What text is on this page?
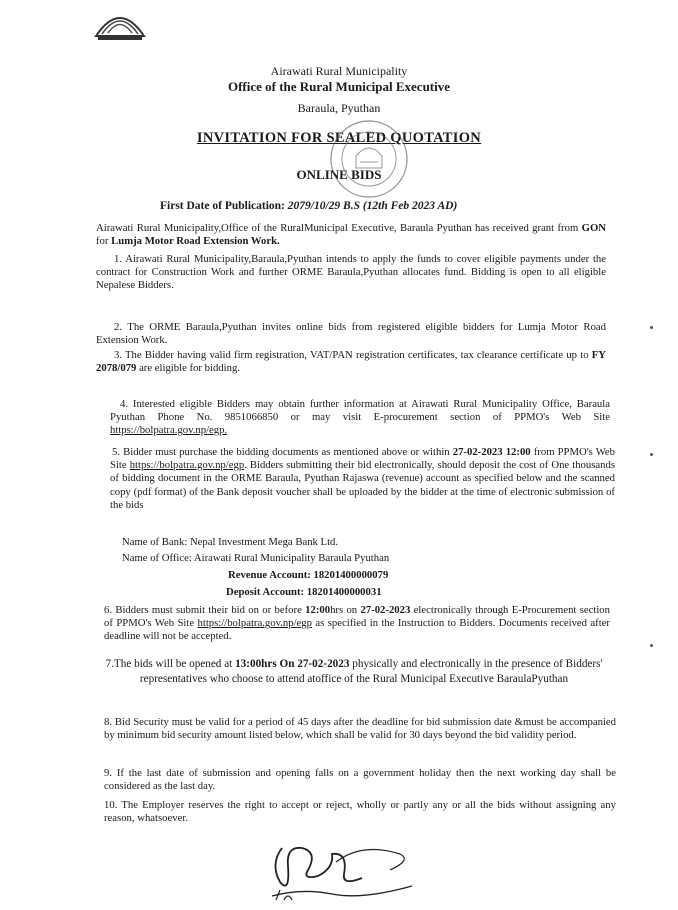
Airawati Rural Municipality
Office of the Rural Municipal Executive
Baraula, Pyuthan
INVITATION FOR SEALED QUOTATION
ONLINE BIDS
First Date of Publication: 2079/10/29 B.S (12th Feb 2023 AD)
Airawati Rural Municipality,Office of the RuralMunicipal Executive, Baraula Pyuthan has received grant from GON for Lumja Motor Road Extension Work.
1. Airawati Rural Municipality,Baraula,Pyuthan intends to apply the funds to cover eligible payments under the contract for Construction Work and further ORME Baraula,Pyuthan allocates fund. Bidding is open to all eligible Nepalese Bidders.
2. The ORME Baraula,Pyuthan invites online bids from registered eligible bidders for Lumja Motor Road Extension Work.
3. The Bidder having valid firm registration, VAT/PAN registration certificates, tax clearance certificate up to FY 2078/079 are eligible for bidding.
4. Interested eligible Bidders may obtain further information at Airawati Rural Municipality Office, Baraula Pyuthan Phone No. 9851066850 or may visit E-procurement section of PPMO's Web Site https://bolpatra.gov.np/egp.
5. Bidder must purchase the bidding documents as mentioned above or within 27-02-2023 12:00 from PPMO's Web Site https://bolpatra.gov.np/egp. Bidders submitting their bid electronically, should deposit the cost of One thousands of bidding document in the ORME Baraula, Pyuthan Rajaswa (revenue) account as specified below and the scanned copy (pdf format) of the Bank deposit voucher shall be uploaded by the bidder at the time of electronic submission of the bids
Name of Bank: Nepal Investment Mega Bank Ltd.
Name of Office: Airawati Rural Municipality Baraula Pyuthan
Revenue Account: 18201400000079
Deposit Account: 18201400000031
6. Bidders must submit their bid on or before 12:00hrs on 27-02-2023 electronically through E-Procurement section of PPMO's Web Site https://bolpatra.gov.np/egp as specified in the Instruction to Bidders. Documents received after deadline will not be accepted.
7.The bids will be opened at 13:00hrs On 27-02-2023 physically and electronically in the presence of Bidders' representatives who choose to attend atoffice of the Rural Municipal Executive BaraulaPyuthan
8. Bid Security must be valid for a period of 45 days after the deadline for bid submission date &must be accompanied by minimum bid security amount listed below, which shall be valid for 30 days beyond the bid validity period.
9. If the last date of submission and opening falls on a government holiday then the next working day shall be considered as the last day.
10. The Employer reserves the right to accept or reject, wholly or partly any or all the bids without assigning any reason, whatsoever.
